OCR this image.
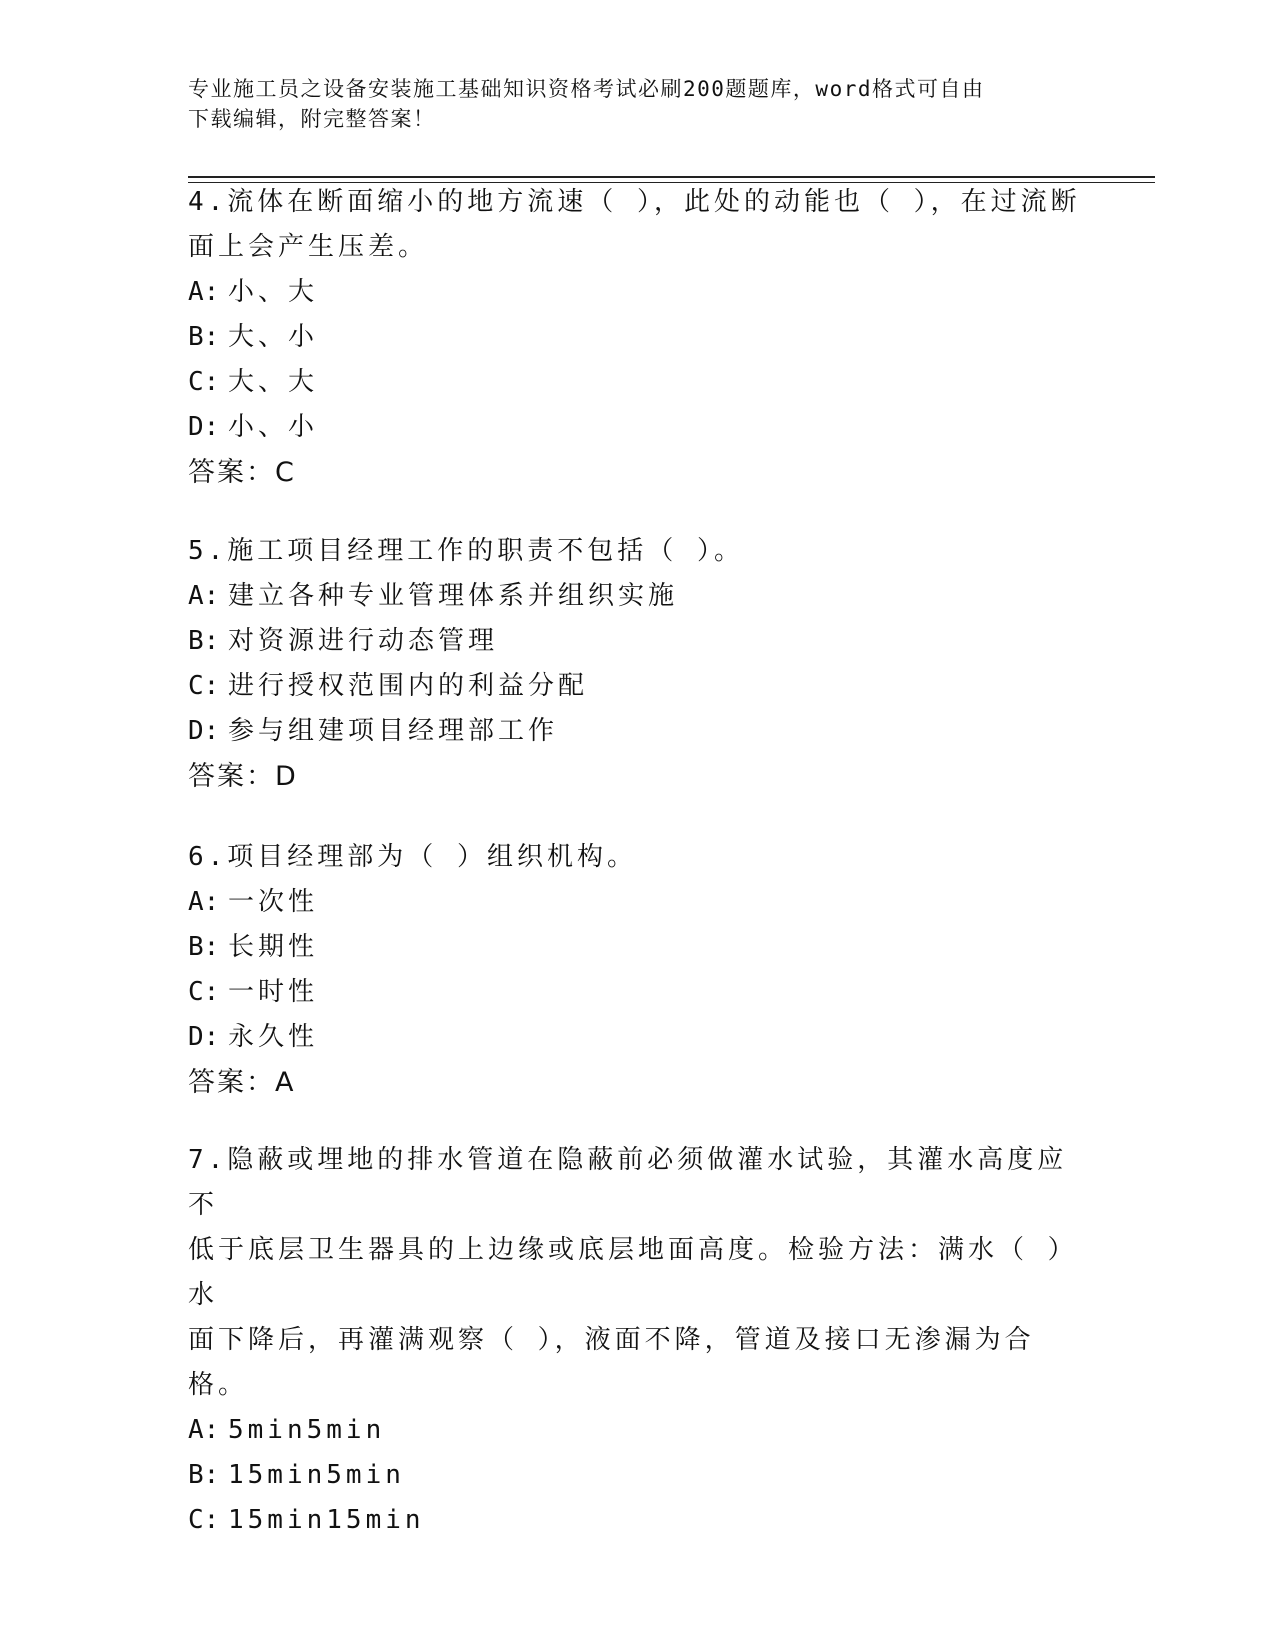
专业施工员之设备安装施工基础知识资格考试必刷200题题库，word格式可自由
下载编辑，附完整答案！

4.流体在断面缩小的地方流速（ ），此处的动能也（ ），在过流断

面上会产生压差。

A: 小、大

B: 大、小

C: 大、大

D: 小、小

答案：C

5.施工项目经理工作的职责不包括（ ）。

A: 建立各种专业管理体系并组织实施

B: 对资源进行动态管理

C: 进行授权范围内的利益分配

D: 参与组建项目经理部工作

答案：D

6.项目经理部为（ ）组织机构。

A: 一次性

B: 长期性

C: 一时性

D: 永久性

答案：A

7.隐蔽或埋地的排水管道在隐蔽前必须做灌水试验，其灌水高度应不

低于底层卫生器具的上边缘或底层地面高度。检验方法：满水（ ）水

面下降后，再灌满观察（ ），液面不降，管道及接口无渗漏为合格。

A: 5min5min

B: 15min5min

C: 15min15min
